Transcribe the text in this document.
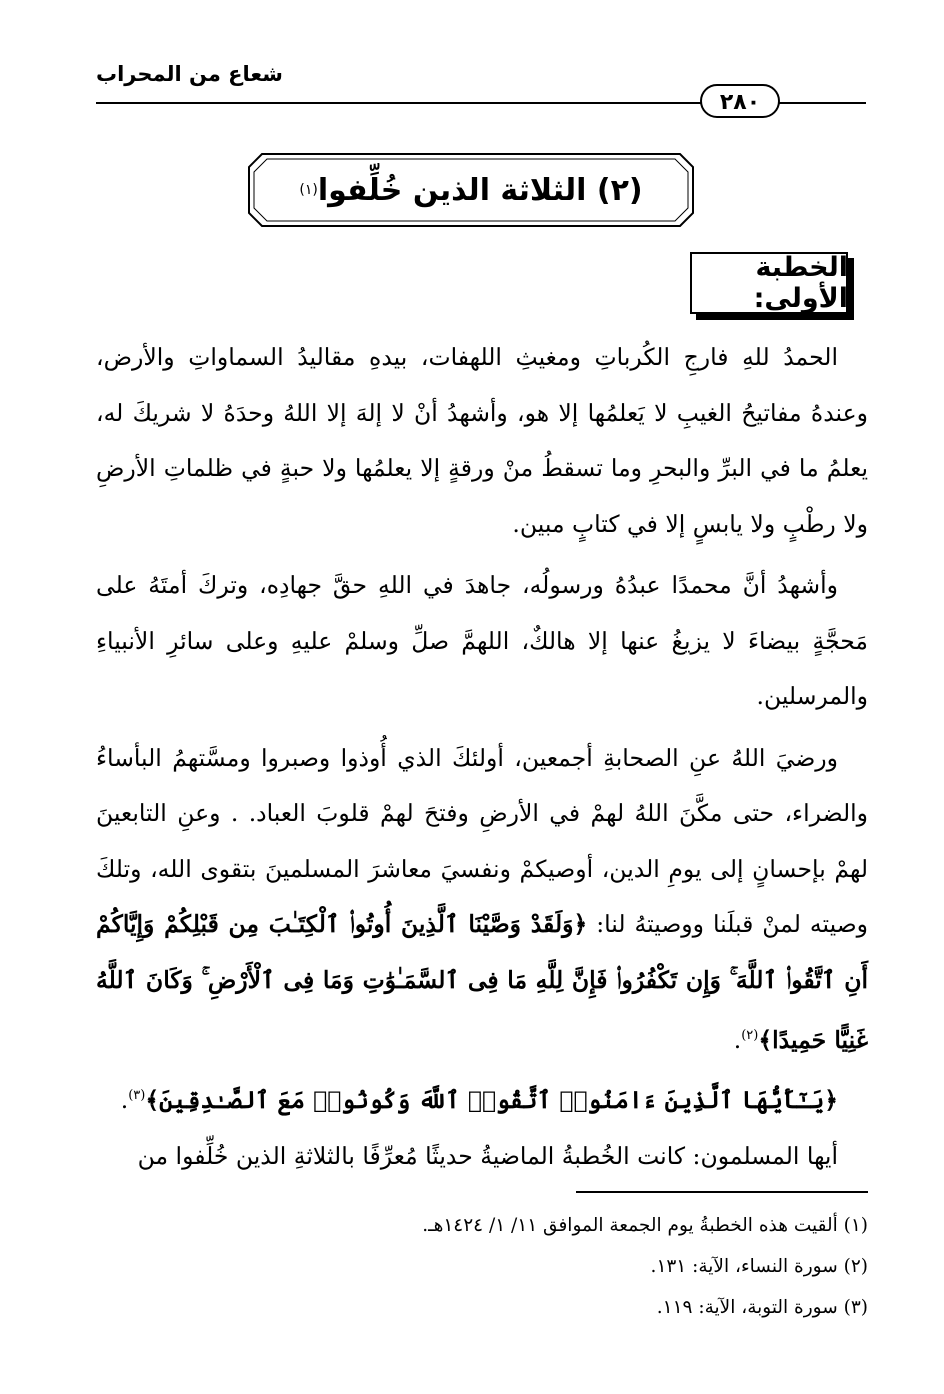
شعاع من المحراب
٢٨٠
(٢) الثلاثة الذين خُلِّفوا
(١)
الخطبة الأولى:

الحمدُ للهِ فارجِ الكُرباتِ ومغيثِ اللهفات، بيدهِ مقاليدُ السماواتِ والأرض، وعندهُ مفاتيحُ الغيبِ لا يَعلمُها إلا هو، وأشهدُ أنْ لا إلهَ إلا اللهُ وحدَهُ لا شريكَ له، يعلمُ ما في البرِّ والبحرِ وما تسقطُ منْ ورقةٍ إلا يعلمُها ولا حبةٍ في ظلماتِ الأرضِ ولا رطْبٍ ولا يابسٍ إلا في كتابٍ مبين.

وأشهدُ أنَّ محمدًا عبدُهُ ورسولُه، جاهدَ في اللهِ حقَّ جهادِه، وتركَ أمتَهُ على مَحجَّةٍ بيضاءَ لا يزيغُ عنها إلا هالكٌ، اللهمَّ صلِّ وسلمْ عليهِ وعلى سائرِ الأنبياءِ والمرسلين.

ورضيَ اللهُ عنِ الصحابةِ أجمعين، أولئكَ الذي أُوذوا وصبروا ومسَّتهمُ البأساءُ والضراء، حتى مكَّنَ اللهُ لهمْ في الأرضِ وفتحَ لهمْ قلوبَ العباد. . وعنِ التابعينَ لهمْ بإحسانٍ إلى يومِ الدين، أوصيكمْ ونفسيَ معاشرَ المسلمينَ بتقوى الله، وتلكَ وصيته لمنْ قبلَنا ووصيتهُ لنا: ﴿وَلَقَدْ وَصَّيْنَا ٱلَّذِينَ أُوتُوا۟ ٱلْكِتَـٰبَ مِن قَبْلِكُمْ وَإِيَّاكُمْ أَنِ ٱتَّقُوا۟ ٱللَّهَ ۚ وَإِن تَكْفُرُوا۟ فَإِنَّ لِلَّهِ مَا فِى ٱلسَّمَـٰوَٰتِ وَمَا فِى ٱلْأَرْضِ ۚ وَكَانَ ٱللَّهُ غَنِيًّا حَمِيدًا﴾$^{(٢)}$.

﴿يَـٰٓأَيُّهَا ٱلَّذِينَ ءَامَنُوا۟ ٱتَّقُوا۟ ٱللَّهَ وَكُونُوا۟ مَعَ ٱلصَّـٰدِقِينَ﴾$^{(٣)}$.

أيها المسلمون: كانت الخُطبةُ الماضيةُ حديثًا مُعرِّفًا بالثلاثةِ الذين خُلِّفوا من

(١) ألقيت هذه الخطبةُ يوم الجمعة الموافق ١١/ ١/ ١٤٢٤هـ.
(٢) سورة النساء، الآية: ١٣١.
(٣) سورة التوبة، الآية: ١١٩.
